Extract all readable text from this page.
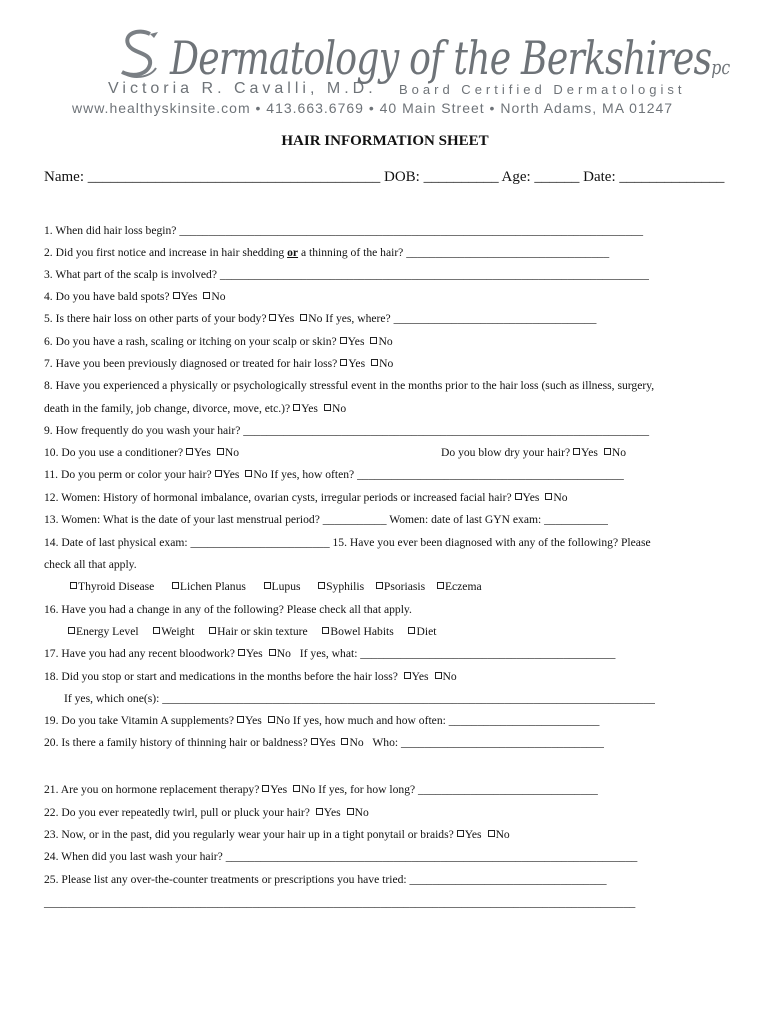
Dermatology of the Berkshirespc
Victoria R. Cavalli, M.D. Board Certified Dermatologist
www.healthyskinsite.com • 413.663.6769 • 40 Main Street • North Adams, MA 01247
HAIR INFORMATION SHEET
Name: _______________________________________ DOB: __________ Age: ______ Date: ______________
1. When did hair loss begin? ________________________________________________________________________________
2. Did you first notice and increase in hair shedding or a thinning of the hair? ___________________________________
3. What part of the scalp is involved? __________________________________________________________________________
4. Do you have bald spots? Yes No
5. Is there hair loss on other parts of your body? Yes No If yes, where? ___________________________________
6. Do you have a rash, scaling or itching on your scalp or skin? Yes No
7. Have you been previously diagnosed or treated for hair loss? Yes No
8. Have you experienced a physically or psychologically stressful event in the months prior to the hair loss (such as illness, surgery,
death in the family, job change, divorce, move, etc.)? Yes No
9. How frequently do you wash your hair? ______________________________________________________________________
10. Do you use a conditioner? Yes No	Do you blow dry your hair? Yes No
11. Do you perm or color your hair? Yes No If yes, how often? ______________________________________________
12. Women: History of hormonal imbalance, ovarian cysts, irregular periods or increased facial hair? Yes No
13. Women: What is the date of your last menstrual period? ___________ Women: date of last GYN exam: ___________
14. Date of last physical exam: ________________________ 15. Have you ever been diagnosed with any of the following? Please
check all that apply.
Thyroid Disease Lichen Planus Lupus Syphilis Psoriasis Eczema
16. Have you had a change in any of the following? Please check all that apply.
Energy Level Weight Hair or skin texture Bowel Habits Diet
17. Have you had any recent bloodwork? Yes No If yes, what: ____________________________________________
18. Did you stop or start and medications in the months before the hair loss? Yes No
If yes, which one(s): _____________________________________________________________________________________
19. Do you take Vitamin A supplements? Yes No If yes, how much and how often: __________________________
20. Is there a family history of thinning hair or baldness? Yes No Who: ___________________________________
21. Are you on hormone replacement therapy? Yes No If yes, for how long? _______________________________
22. Do you ever repeatedly twirl, pull or pluck your hair? Yes No
23. Now, or in the past, did you regularly wear your hair up in a tight ponytail or braids? Yes No
24. When did you last wash your hair? _______________________________________________________________________
25. Please list any over-the-counter treatments or prescriptions you have tried: __________________________________
______________________________________________________________________________________________________
